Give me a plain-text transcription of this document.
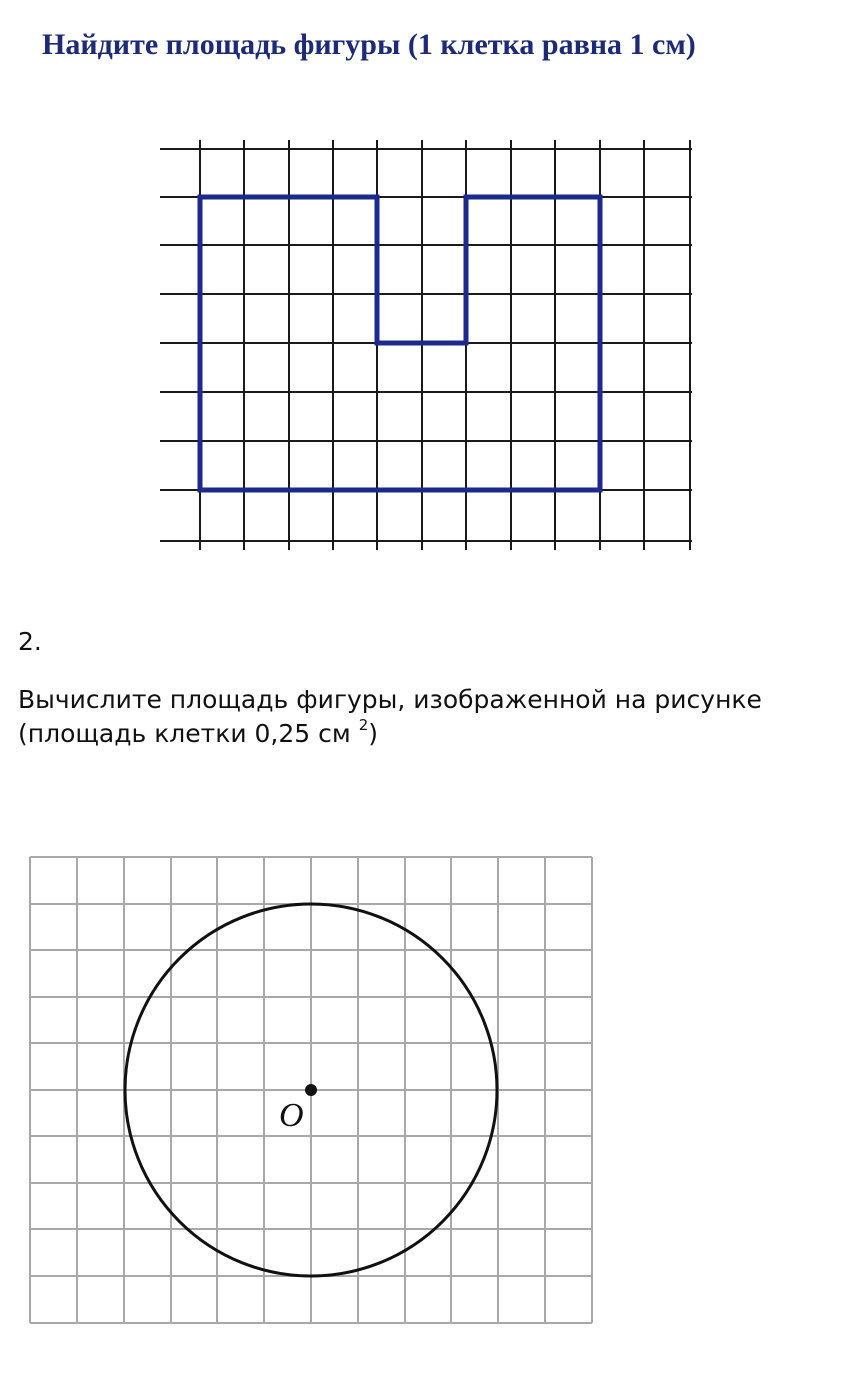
Найдите площадь фигуры (1 клетка равна 1 см)
2.
Вычислите площадь фигуры, изображенной на рисунке
(площадь клетки 0,25 см $^2$)
O
